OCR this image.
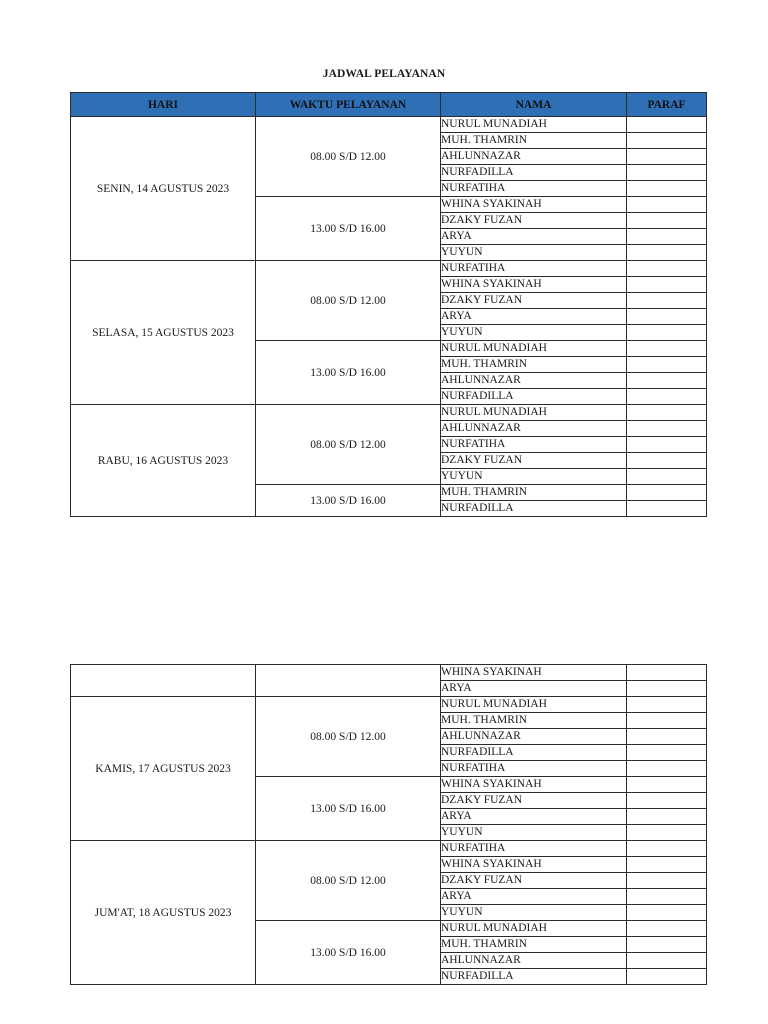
JADWAL PELAYANAN
HARI	WAKTU PELAYANAN	NAMA	PARAF
SENIN, 14 AGUSTUS 2023	08.00 S/D 12.00	NURUL MUNADIAH	
		MUH. THAMRIN	
		AHLUNNAZAR	
		NURFADILLA	
		NURFATIHA	
	13.00 S/D 16.00	WHINA SYAKINAH	
		DZAKY FUZAN	
		ARYA	
		YUYUN	
SELASA, 15 AGUSTUS 2023	08.00 S/D 12.00	NURFATIHA	
		WHINA SYAKINAH	
		DZAKY FUZAN	
		ARYA	
		YUYUN	
	13.00 S/D 16.00	NURUL MUNADIAH	
		MUH. THAMRIN	
		AHLUNNAZAR	
		NURFADILLA	
RABU, 16 AGUSTUS 2023	08.00 S/D 12.00	NURUL MUNADIAH	
		AHLUNNAZAR	
		NURFATIHA	
		DZAKY FUZAN	
		YUYUN	
	13.00 S/D 16.00	MUH. THAMRIN	
		NURFADILLA	
		WHINA SYAKINAH	
		ARYA	
KAMIS, 17 AGUSTUS 2023	08.00 S/D 12.00	NURUL MUNADIAH	
		MUH. THAMRIN	
		AHLUNNAZAR	
		NURFADILLA	
		NURFATIHA	
	13.00 S/D 16.00	WHINA SYAKINAH	
		DZAKY FUZAN	
		ARYA	
		YUYUN	
JUM'AT, 18 AGUSTUS 2023	08.00 S/D 12.00	NURFATIHA	
		WHINA SYAKINAH	
		DZAKY FUZAN	
		ARYA	
		YUYUN	
	13.00 S/D 16.00	NURUL MUNADIAH	
		MUH. THAMRIN	
		AHLUNNAZAR	
		NURFADILLA	
